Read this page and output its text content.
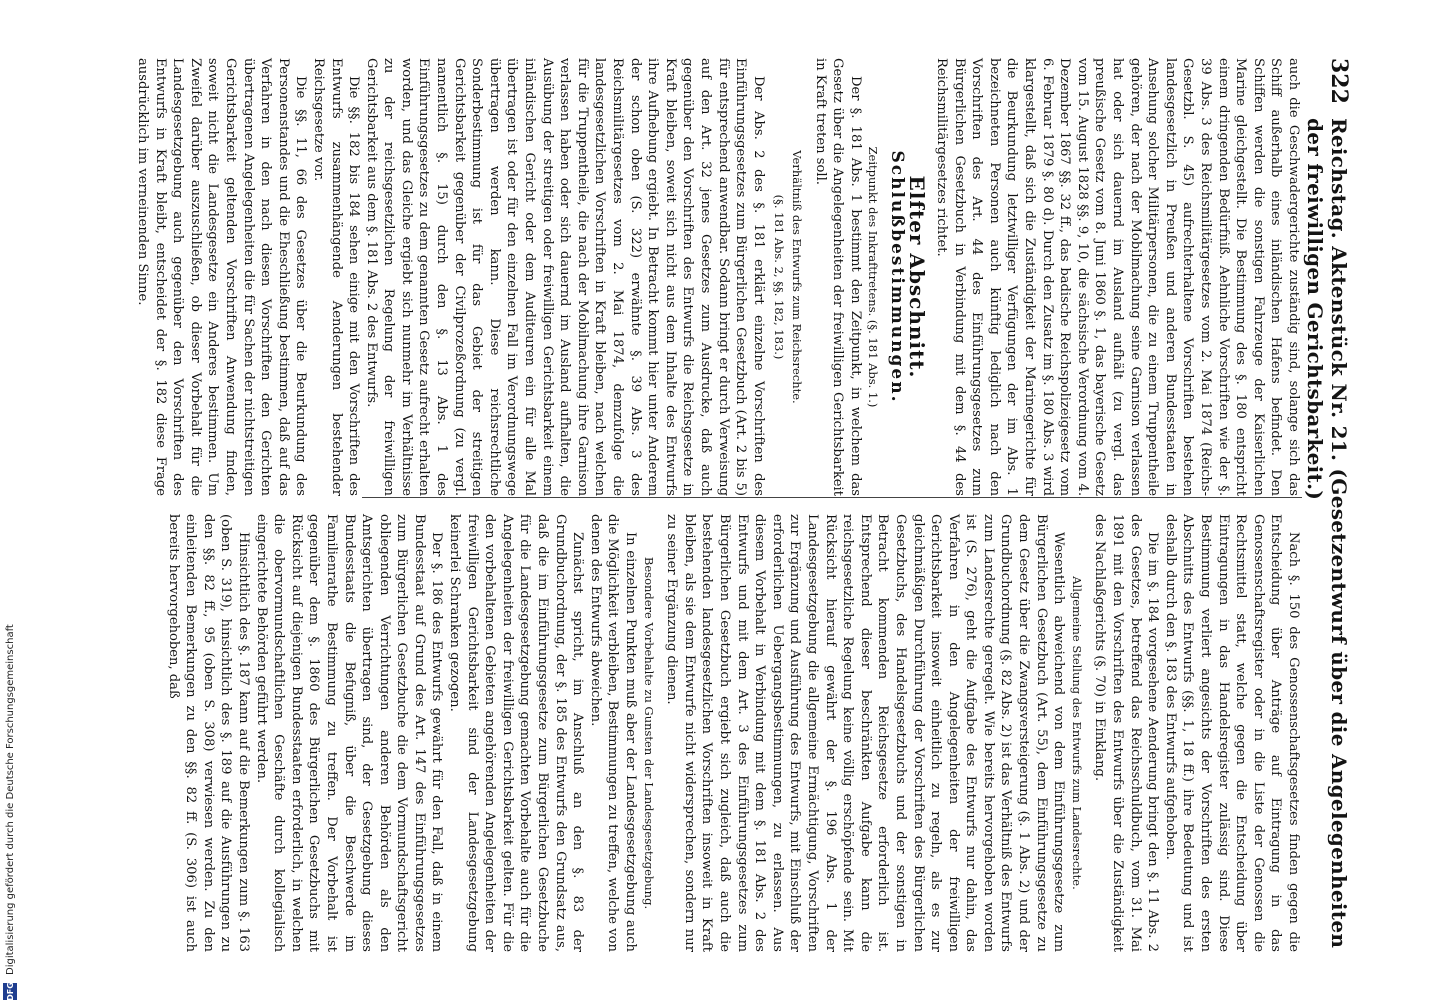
322
Reichstag. Aktenstück Nr. 21. (Gesetzentwurf über die Angelegenheiten der freiwilligen Gerichtsbarkeit.)

auch die Geschwadergerichte zuständig sind, solange sich das Schiff außerhalb eines inländischen Hafens befindet. Den Schiffen werden die sonstigen Fahrzeuge der Kaiserlichen Marine gleichgestellt. Die Bestimmung des §. 180 entspricht einem dringenden Bedürfniß. Aehnliche Vorschriften wie der §. 39 Abs. 3 des Reichsmilitärgesetzes vom 2. Mai 1874 (Reichs-Gesetzbl. S. 45) aufrechterhaltene Vorschriften bestehen landesgesetzlich in Preußen und anderen Bundesstaaten in Ansehung solcher Militärpersonen, die zu einem Truppentheile gehören, der nach der Mobilmachung seine Garnison verlassen hat oder sich dauernd im Ausland aufhält (zu vergl. das preußische Gesetz vom 8. Juni 1860 §. 1, das bayerische Gesetz vom 15. August 1828 §§. 9, 10, die sächsische Verordnung vom 4. Dezember 1867 §§. 32 ff., das badische Reichspolizeigesetz vom 6. Februar 1879 §. 80 d). Durch den Zusatz im §. 180 Abs. 3 wird klargestellt, daß sich die Zuständigkeit der Marinegerichte für die Beurkundung letztwilliger Verfügungen der im Abs. 1 bezeichneten Personen auch künftig lediglich nach den Vorschriften des Art. 44 des Einführungsgesetzes zum Bürgerlichen Gesetzbuch in Verbindung mit dem §. 44 des Reichsmilitärgesetzes richtet.

Elfter Abschnitt.
Schlußbestimmungen.
Zeitpunkt des Inkrafttretens. (§. 181 Abs. 1.)

Der §. 181 Abs. 1 bestimmt den Zeitpunkt, in welchem das Gesetz über die Angelegenheiten der freiwilligen Gerichtsbarkeit in Kraft treten soll.

Verhältniß des Entwurfs zum Reichsrechte.
(§. 181 Abs. 2, §§. 182, 183.)

Der Abs. 2 des §. 181 erklärt einzelne Vorschriften des Einführungsgesetzes zum Bürgerlichen Gesetzbuch (Art. 2 bis 5) für entsprechend anwendbar. Sodann bringt er durch Verweisung auf den Art. 32 jenes Gesetzes zum Ausdrucke, daß auch gegenüber den Vorschriften des Entwurfs die Reichsgesetze in Kraft bleiben, soweit sich nicht aus dem Inhalte des Entwurfs ihre Aufhebung ergiebt. In Betracht kommt hier unter Anderem der schon oben (S. 322) erwähnte §. 39 Abs. 3 des Reichsmilitärgesetzes vom 2. Mai 1874, demzufolge die landesgesetzlichen Vorschriften in Kraft bleiben, nach welchen für die Truppentheile, die nach der Mobilmachung ihre Garnison verlassen haben oder sich dauernd im Ausland aufhalten, die Ausübung der streitigen oder freiwilligen Gerichtsbarkeit einem inländischen Gericht oder dem Auditeuren ein für alle Mal übertragen ist oder für den einzelnen Fall im Verordnungswege übertragen werden kann. Diese reichsrechtliche Sonderbestimmung ist für das Gebiet der streitigen Gerichtsbarkeit gegenüber der Civilprozeßordnung (zu vergl. namentlich §. 15) durch den §. 13 Abs. 1 des Einführungsgesetzes zu dem genannten Gesetz aufrecht erhalten worden, und das Gleiche ergiebt sich nunmehr im Verhältnisse zu der reichsgesetzlichen Regelung der freiwilligen Gerichtsbarkeit aus dem §. 181 Abs. 2 des Entwurfs.

Die §§. 182 bis 184 sehen einige mit den Vorschriften des Entwurfs zusammenhängende Aenderungen bestehender Reichsgesetze vor.

Die §§. 11, 66 des Gesetzes über die Beurkundung des Personenstandes und die Eheschließung bestimmen, daß auf das Verfahren in den nach diesen Vorschriften den Gerichten übertragenen Angelegenheiten die für Sachen der nichtstreitigen Gerichtsbarkeit geltenden Vorschriften Anwendung finden, soweit nicht die Landesgesetze ein Anderes bestimmen. Um Zweifel darüber auszuschließen, ob dieser Vorbehalt für die Landesgesetzgebung auch gegenüber den Vorschriften des Entwurfs in Kraft bleibt, entscheidet der §. 182 diese Frage ausdrücklich im verneinenden Sinne.

Nach §. 150 des Genossenschaftsgesetzes finden gegen die Entscheidung über Anträge auf Eintragung in das Genossenschaftsregister oder in die Liste der Genossen die Rechtsmittel statt, welche gegen die Entscheidung über Eintragungen in das Handelsregister zulässig sind. Diese Bestimmung verliert angesichts der Vorschriften des ersten Abschnitts des Entwurfs (§§. 1, 18 ff.) ihre Bedeutung und ist deshalb durch den §. 183 des Entwurfs aufgehoben.

Die im §. 184 vorgesehene Aenderung bringt den §. 11 Abs. 2 des Gesetzes, betreffend das Reichsschuldbuch, vom 31. Mai 1891 mit den Vorschriften des Entwurfs über die Zuständigkeit des Nachlaßgerichts (§. 70) in Einklang.

Allgemeine Stellung des Entwurfs zum Landesrechte.

Wesentlich abweichend von dem Einführungsgesetze zum Bürgerlichen Gesetzbuch (Art. 55), dem Einführungsgesetze zu dem Gesetz über die Zwangsversteigerung (§. 1 Abs. 2) und der Grundbuchordnung (§. 82 Abs. 2) ist das Verhältniß des Entwurfs zum Landesrechte geregelt. Wie bereits hervorgehoben worden ist (S. 276), geht die Aufgabe des Entwurfs nur dahin, das Verfahren in den Angelegenheiten der freiwilligen Gerichtsbarkeit insoweit einheitlich zu regeln, als es zur gleichmäßigen Durchführung der Vorschriften des Bürgerlichen Gesetzbuchs, des Handelsgesetzbuchs und der sonstigen in Betracht kommenden Reichsgesetze erforderlich ist. Entsprechend dieser beschränkten Aufgabe kann die reichsgesetzliche Regelung keine völlig erschöpfende sein. Mit Rücksicht hierauf gewährt der §. 196 Abs. 1 der Landesgesetzgebung die allgemeine Ermächtigung, Vorschriften zur Ergänzung und Ausführung des Entwurfs, mit Einschluß der erforderlichen Uebergangsbestimmungen, zu erlassen. Aus diesem Vorbehalt in Verbindung mit dem §. 181 Abs. 2 des Entwurfs und mit dem Art. 3 des Einführungsgesetzes zum Bürgerlichen Gesetzbuch ergiebt sich zugleich, daß auch die bestehenden landesgesetzlichen Vorschriften insoweit in Kraft bleiben, als sie dem Entwurfe nicht widersprechen, sondern nur zu seiner Ergänzung dienen.

Besondere Vorbehalte zu Gunsten der Landesgesetzgebung.

In einzelnen Punkten muß aber der Landesgesetzgebung auch die Möglichkeit verbleiben, Bestimmungen zu treffen, welche von denen des Entwurfs abweichen.

Zunächst spricht, im Anschluß an den §. 83 der Grundbuchordnung, der §. 185 des Entwurfs den Grundsatz aus, daß die im Einführungsgesetze zum Bürgerlichen Gesetzbuche für die Landesgesetzgebung gemachten Vorbehalte auch für die Angelegenheiten der freiwilligen Gerichtsbarkeit gelten. Für die den vorbehaltenen Gebieten angehörenden Angelegenheiten der freiwilligen Gerichtsbarkeit sind der Landesgesetzgebung keinerlei Schranken gezogen.

Der §. 186 des Entwurfs gewährt für den Fall, daß in einem Bundesstaat auf Grund des Art. 147 des Einführungsgesetzes zum Bürgerlichen Gesetzbuche die dem Vormundschaftsgericht obliegenden Verrichtungen anderen Behörden als den Amtsgerichten übertragen sind, der Gesetzgebung dieses Bundesstaats die Befugniß, über die Beschwerde im Familienrathe Bestimmung zu treffen. Der Vorbehalt ist gegenüber dem §. 1860 des Bürgerlichen Gesetzbuchs mit Rücksicht auf diejenigen Bundesstaaten erforderlich, in welchen die obervormundschaftlichen Geschäfte durch kollegialisch eingerichtete Behörden geführt werden.

Hinsichtlich des §. 187 kann auf die Bemerkungen zum §. 163 (oben S. 319), hinsichtlich des §. 189 auf die Ausführungen zu den §§. 82 ff., 95 (oben S. 308) verwiesen werden. Zu den einleitenden Bemerkungen zu den §§. 82 ff. (S. 306) ist auch bereits hervorgehoben, daß

DFG
Digitalisierung gefördert durch die Deutsche Forschungsgemeinschaft
